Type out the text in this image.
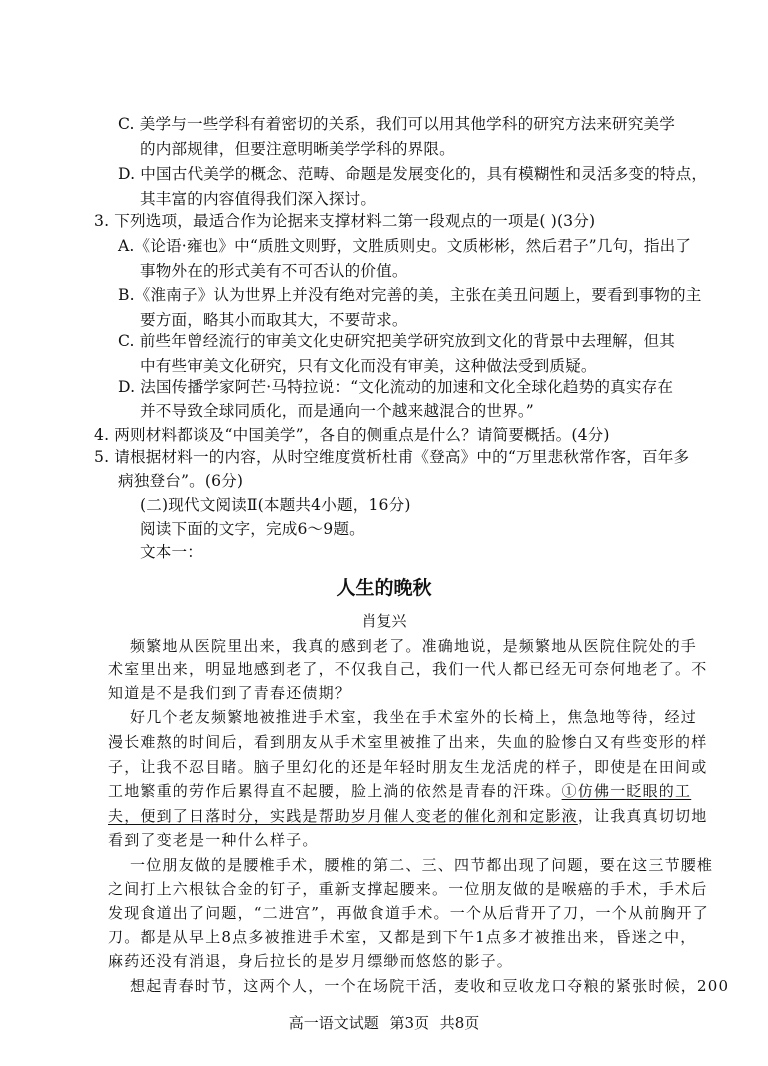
C. 美学与一些学科有着密切的关系，我们可以用其他学科的研究方法来研究美学
的内部规律，但要注意明晰美学学科的界限。
D. 中国古代美学的概念、范畴、命题是发展变化的，具有模糊性和灵活多变的特点，
其丰富的内容值得我们深入探讨。
3. 下列选项，最适合作为论据来支撑材料二第一段观点的一项是( )(3分)
A.《论语·雍也》中“质胜文则野，文胜质则史。文质彬彬，然后君子”几句，指出了
事物外在的形式美有不可否认的价值。
B.《淮南子》认为世界上并没有绝对完善的美，主张在美丑问题上，要看到事物的主
要方面，略其小而取其大，不要苛求。
C. 前些年曾经流行的审美文化史研究把美学研究放到文化的背景中去理解，但其
中有些审美文化研究，只有文化而没有审美，这种做法受到质疑。
D. 法国传播学家阿芒·马特拉说：“文化流动的加速和文化全球化趋势的真实存在
并不导致全球同质化，而是通向一个越来越混合的世界。”
4. 两则材料都谈及“中国美学”，各自的侧重点是什么？请简要概括。(4分)
5. 请根据材料一的内容，从时空维度赏析杜甫《登高》中的“万里悲秋常作客，百年多
病独登台”。(6分)
(二)现代文阅读Ⅱ(本题共4小题，16分)
阅读下面的文字，完成6～9题。
文本一：
人生的晚秋
肖复兴
频繁地从医院里出来，我真的感到老了。准确地说，是频繁地从医院住院处的手
术室里出来，明显地感到老了，不仅我自己，我们一代人都已经无可奈何地老了。不
知道是不是我们到了青春还债期？
好几个老友频繁地被推进手术室，我坐在手术室外的长椅上，焦急地等待，经过
漫长难熬的时间后，看到朋友从手术室里被推了出来，失血的脸惨白又有些变形的样
子，让我不忍目睹。脑子里幻化的还是年轻时朋友生龙活虎的样子，即使是在田间或
工地繁重的劳作后累得直不起腰，脸上淌的依然是青春的汗珠。①仿佛一眨眼的工
夫，便到了日落时分，实践是帮助岁月催人变老的催化剂和定影液，让我真真切切地
看到了变老是一种什么样子。
一位朋友做的是腰椎手术，腰椎的第二、三、四节都出现了问题，要在这三节腰椎
之间打上六根钛合金的钉子，重新支撑起腰来。一位朋友做的是喉癌的手术，手术后
发现食道出了问题，“二进宫”，再做食道手术。一个从后背开了刀，一个从前胸开了
刀。都是从早上8点多被推进手术室，又都是到下午1点多才被推出来，昏迷之中，
麻药还没有消退，身后拉长的是岁月缥缈而悠悠的影子。
想起青春时节，这两个人，一个在场院干活，麦收和豆收龙口夺粮的紧张时候，200
高一语文试题 第3页 共8页
